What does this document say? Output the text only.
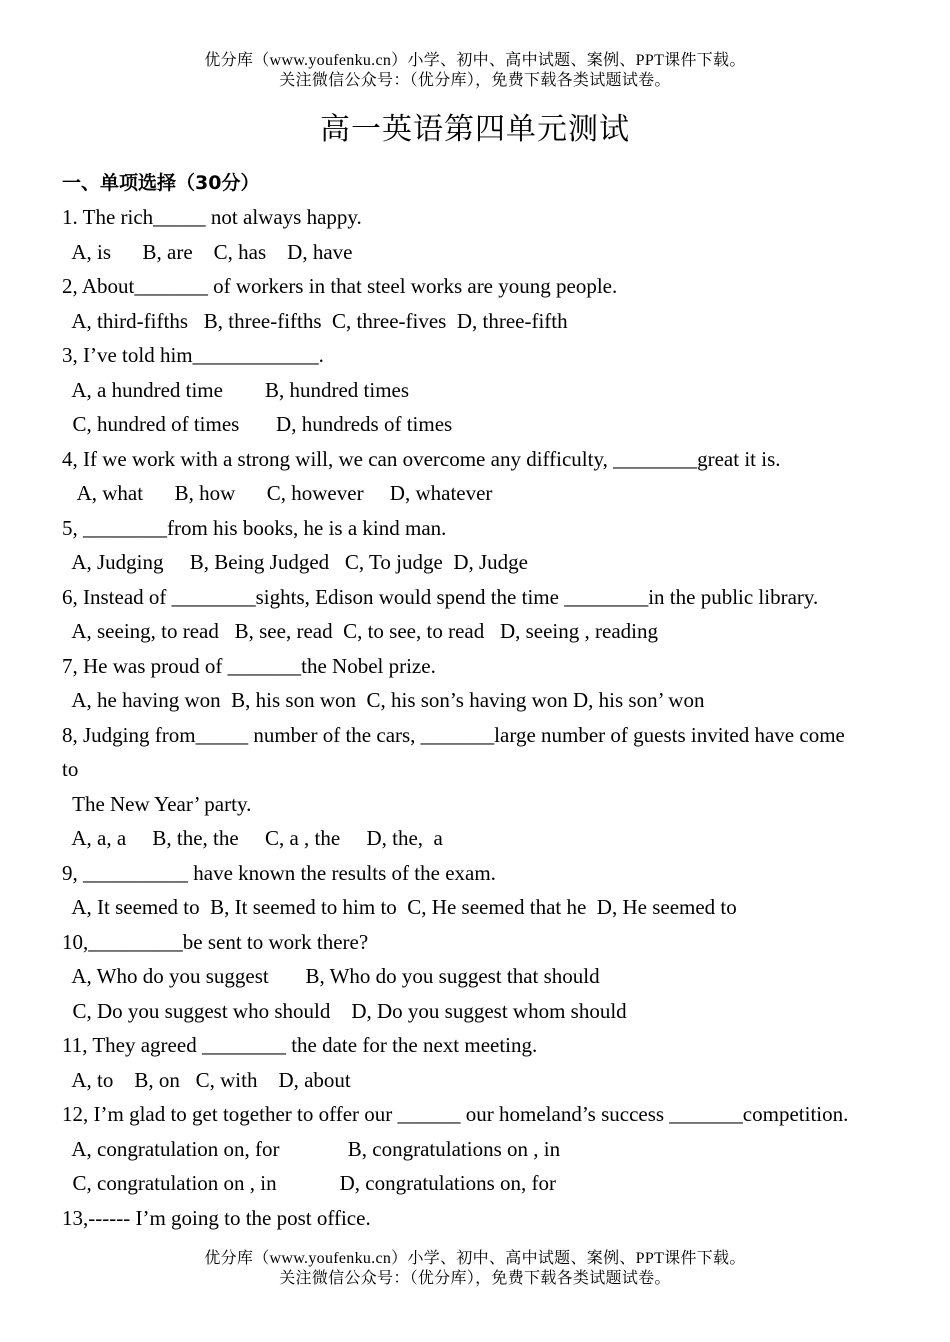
优分库（www.youfenku.cn）小学、初中、高中试题、案例、PPT课件下载。
关注微信公众号：（优分库），免费下载各类试题试卷。
高一英语第四单元测试
一、单项选择（30分）
1. The rich_____ not always happy.
A, is      B, are    C, has    D, have
2, About_______ of workers in that steel works are young people.
A, third-fifths   B, three-fifths  C, three-fives  D, three-fifth
3, I’ve told him____________.
A, a hundred time        B, hundred times
C, hundred of times       D, hundreds of times
4, If we work with a strong will, we can overcome any difficulty, ________great it is.
A, what      B, how      C, however     D, whatever
5, ________from his books, he is a kind man.
A, Judging     B, Being Judged   C, To judge  D, Judge
6, Instead of ________sights, Edison would spend the time ________in the public library.
A, seeing, to read   B, see, read  C, to see, to read   D, seeing , reading
7, He was proud of _______the Nobel prize.
A, he having won  B, his son won  C, his son’s having won D, his son’ won
8, Judging from_____ number of the cars, _______large number of guests invited have come
to
The New Year’ party.
A, a, a     B, the, the     C, a , the     D, the,  a
9, __________ have known the results of the exam.
A, It seemed to  B, It seemed to him to  C, He seemed that he  D, He seemed to
10,_________be sent to work there?
A, Who do you suggest       B, Who do you suggest that should
C, Do you suggest who should    D, Do you suggest whom should
11, They agreed ________ the date for the next meeting.
A, to    B, on   C, with    D, about
12, I’m glad to get together to offer our ______ our homeland’s success _______competition.
A, congratulation on, for             B, congratulations on , in
C, congratulation on , in            D, congratulations on, for
13,------ I’m going to the post office.
优分库（www.youfenku.cn）小学、初中、高中试题、案例、PPT课件下载。
关注微信公众号：（优分库），免费下载各类试题试卷。
